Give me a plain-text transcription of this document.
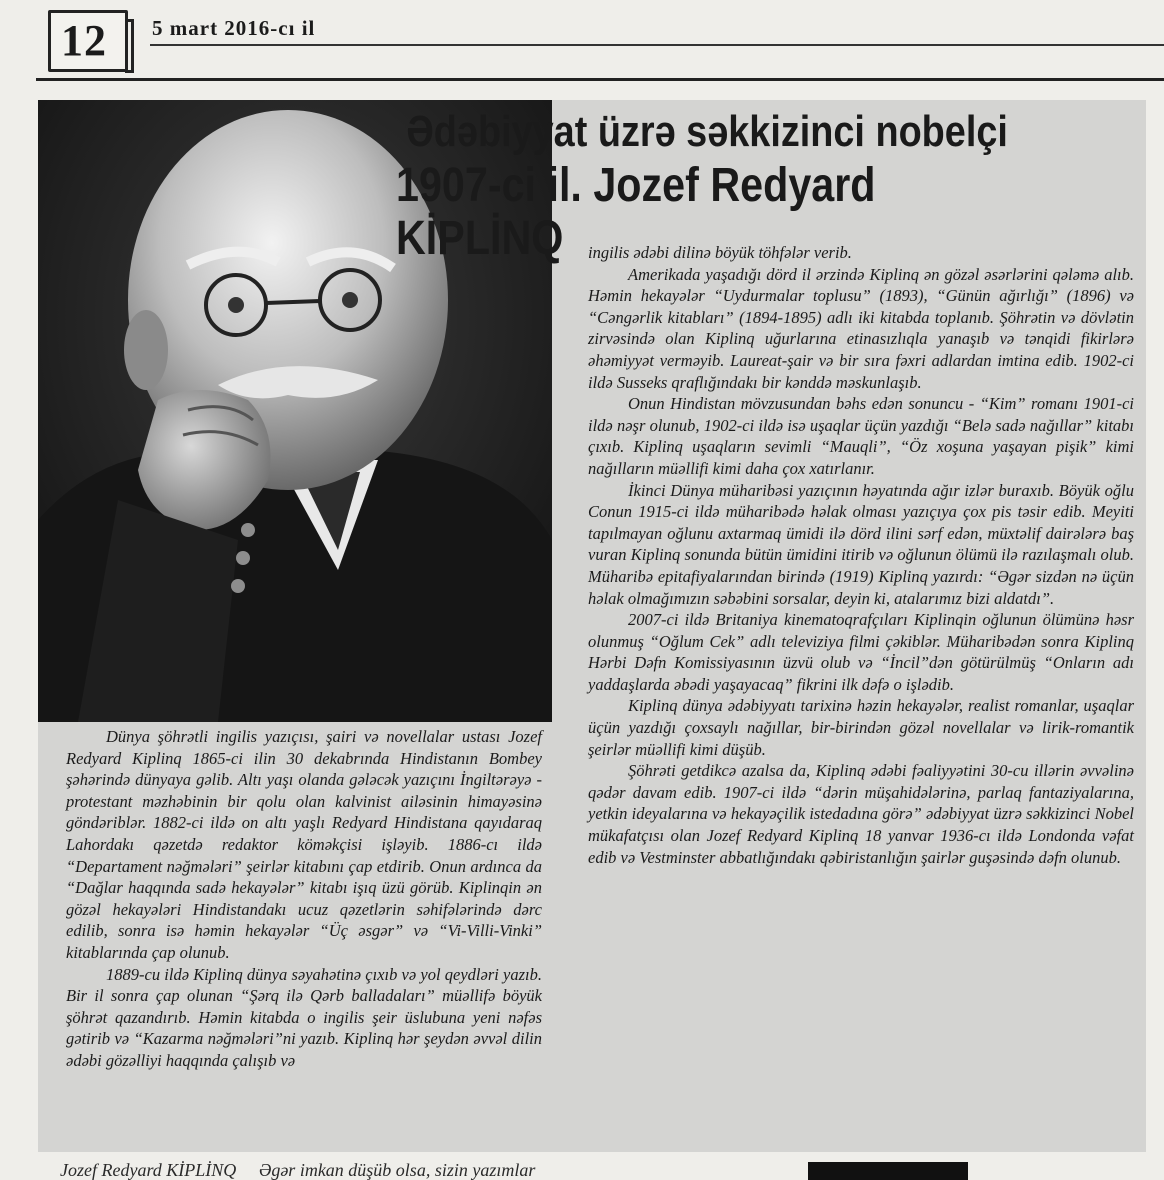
12 5 mart 2016-cı il
Ədəbiyyat üzrə səkkizinci nobelçi
1907-ci il. Jozef Redyard KİPLİNQ

Dünya şöhrətli ingilis yazıçısı, şairi və novellalar ustası Jozef Redyard Kiplinq 1865-ci ilin 30 dekabrında Hindistanın Bombey şəhərində dünyaya gəlib. Altı yaşı olanda gələcək yazıçını İngiltərəyə - protestant məzhəbinin bir qolu olan kalvinist ailəsinin himayəsinə göndəriblər. 1882-ci ildə on altı yaşlı Redyard Hindistana qayıdaraq Lahordakı qəzetdə redaktor köməkçisi işləyib. 1886-cı ildə “Departament nəğmələri” şeirlər kitabını çap etdirib. Onun ardınca da “Dağlar haqqında sadə hekayələr” kitabı işıq üzü görüb. Kiplinqin ən gözəl hekayələri Hindistandakı ucuz qəzetlərin səhifələrində dərc edilib, sonra isə həmin hekayələr “Üç əsgər” və “Vi-Villi-Vinki” kitablarında çap olunub.

1889-cu ildə Kiplinq dünya səyahətinə çıxıb və yol qeydləri yazıb. Bir il sonra çap olunan “Şərq ilə Qərb balladaları” müəllifə böyük şöhrət qazandırıb. Həmin kitabda o ingilis şeir üslubuna yeni nəfəs gətirib və “Kazarma nəğmələri”ni yazıb. Kiplinq hər şeydən əvvəl dilin ədəbi gözəlliyi haqqında çalışıb və

ingilis ədəbi dilinə böyük töhfələr verib.

Amerikada yaşadığı dörd il ərzində Kiplinq ən gözəl əsərlərini qələmə alıb. Həmin hekayələr “Uydurmalar toplusu” (1893), “Günün ağırlığı” (1896) və “Cəngərlik kitabları” (1894-1895) adlı iki kitabda toplanıb. Şöhrətin və dövlətin zirvəsində olan Kiplinq uğurlarına etinasızlıqla yanaşıb və tənqidi fikirlərə əhəmiyyət verməyib. Laureat-şair və bir sıra fəxri adlardan imtina edib. 1902-ci ildə Susseks qraflığındakı bir kənddə məskunlaşıb.

Onun Hindistan mövzusundan bəhs edən sonuncu - “Kim” romanı 1901-ci ildə nəşr olunub, 1902-ci ildə isə uşaqlar üçün yazdığı “Belə sadə nağıllar” kitabı çıxıb. Kiplinq uşaqların sevimli “Mauqli”, “Öz xoşuna yaşayan pişik” kimi nağılların müəllifi kimi daha çox xatırlanır.

İkinci Dünya müharibəsi yazıçının həyatında ağır izlər buraxıb. Böyük oğlu Conun 1915-ci ildə müharibədə həlak olması yazıçıya çox pis təsir edib. Meyiti tapılmayan oğlunu axtarmaq ümidi ilə dörd ilini sərf edən, müxtəlif dairələrə baş vuran Kiplinq sonunda bütün ümidini itirib və oğlunun ölümü ilə razılaşmalı olub. Müharibə epitafiyalarından birində (1919) Kiplinq yazırdı: “Əgər sizdən nə üçün həlak olmağımızın səbəbini sorsalar, deyin ki, atalarımız bizi aldatdı”.

2007-ci ildə Britaniya kinematoqrafçıları Kiplinqin oğlunun ölümünə həsr olunmuş “Oğlum Cek” adlı televiziya filmi çəkiblər. Müharibədən sonra Kiplinq Hərbi Dəfn Komissiyasının üzvü olub və “İncil”dən götürülmüş “Onların adı yaddaşlarda əbədi yaşayacaq” fikrini ilk dəfə o işlədib.

Kiplinq dünya ədəbiyyatı tarixinə həzin hekayələr, realist romanlar, uşaqlar üçün yazdığı çoxsaylı nağıllar, bir-birindən gözəl novellalar və lirik-romantik şeirlər müəllifi kimi düşüb.

Şöhrəti getdikcə azalsa da, Kiplinq ədəbi fəaliyyətini 30-cu illərin əvvəlinə qədər davam edib. 1907-ci ildə “dərin müşahidələrinə, parlaq fantaziyalarına, yetkin ideyalarına və hekayəçilik istedadına görə” ədəbiyyat üzrə səkkizinci Nobel mükafatçısı olan Jozef Redyard Kiplinq 18 yanvar 1936-cı ildə Londonda vəfat edib və Vestminster abbatlığındakı qəbiristanlığın şairlər guşəsində dəfn olunub.

Jozef Redyard KİPLİNQ Əgər imkan düşüb olsa, sizin yazımlar
